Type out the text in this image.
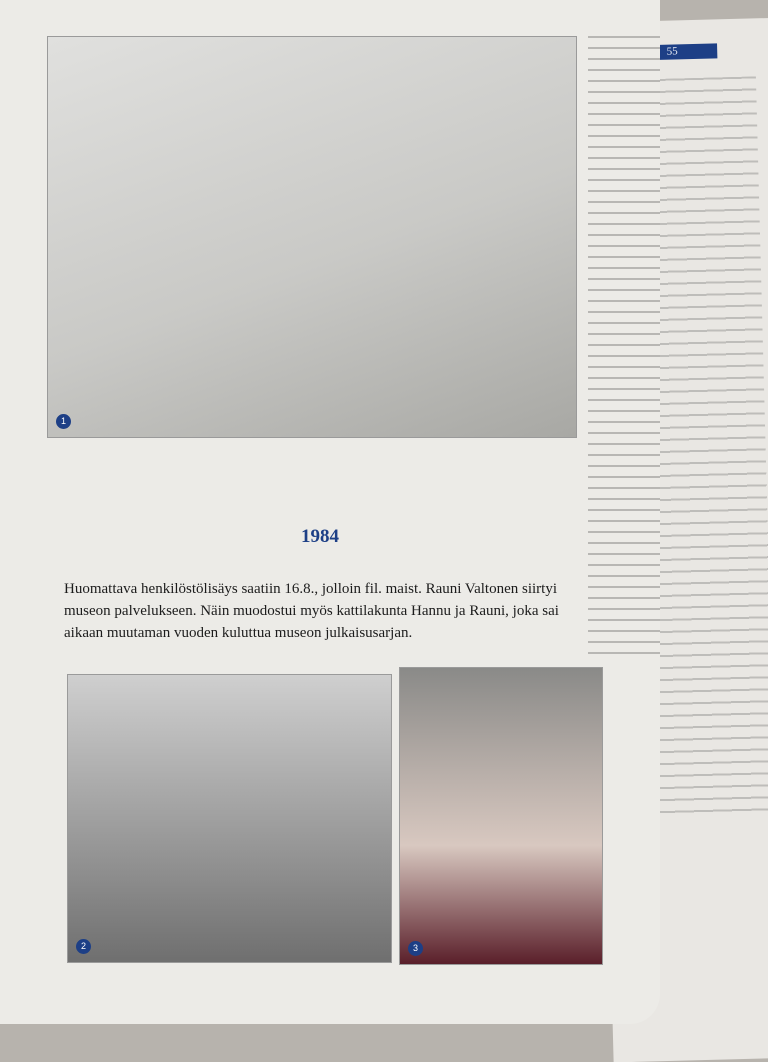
55
1
1984

Huomattava henkilöstölisäys saatiin 16.8., jolloin fil. maist. Rauni Valtonen siirtyi museon palvelukseen. Näin muodostui myös kattilakunta Hannu ja Rauni, joka sai aikaan muutaman vuoden kuluttua museon julkaisusarjan.

2	3
